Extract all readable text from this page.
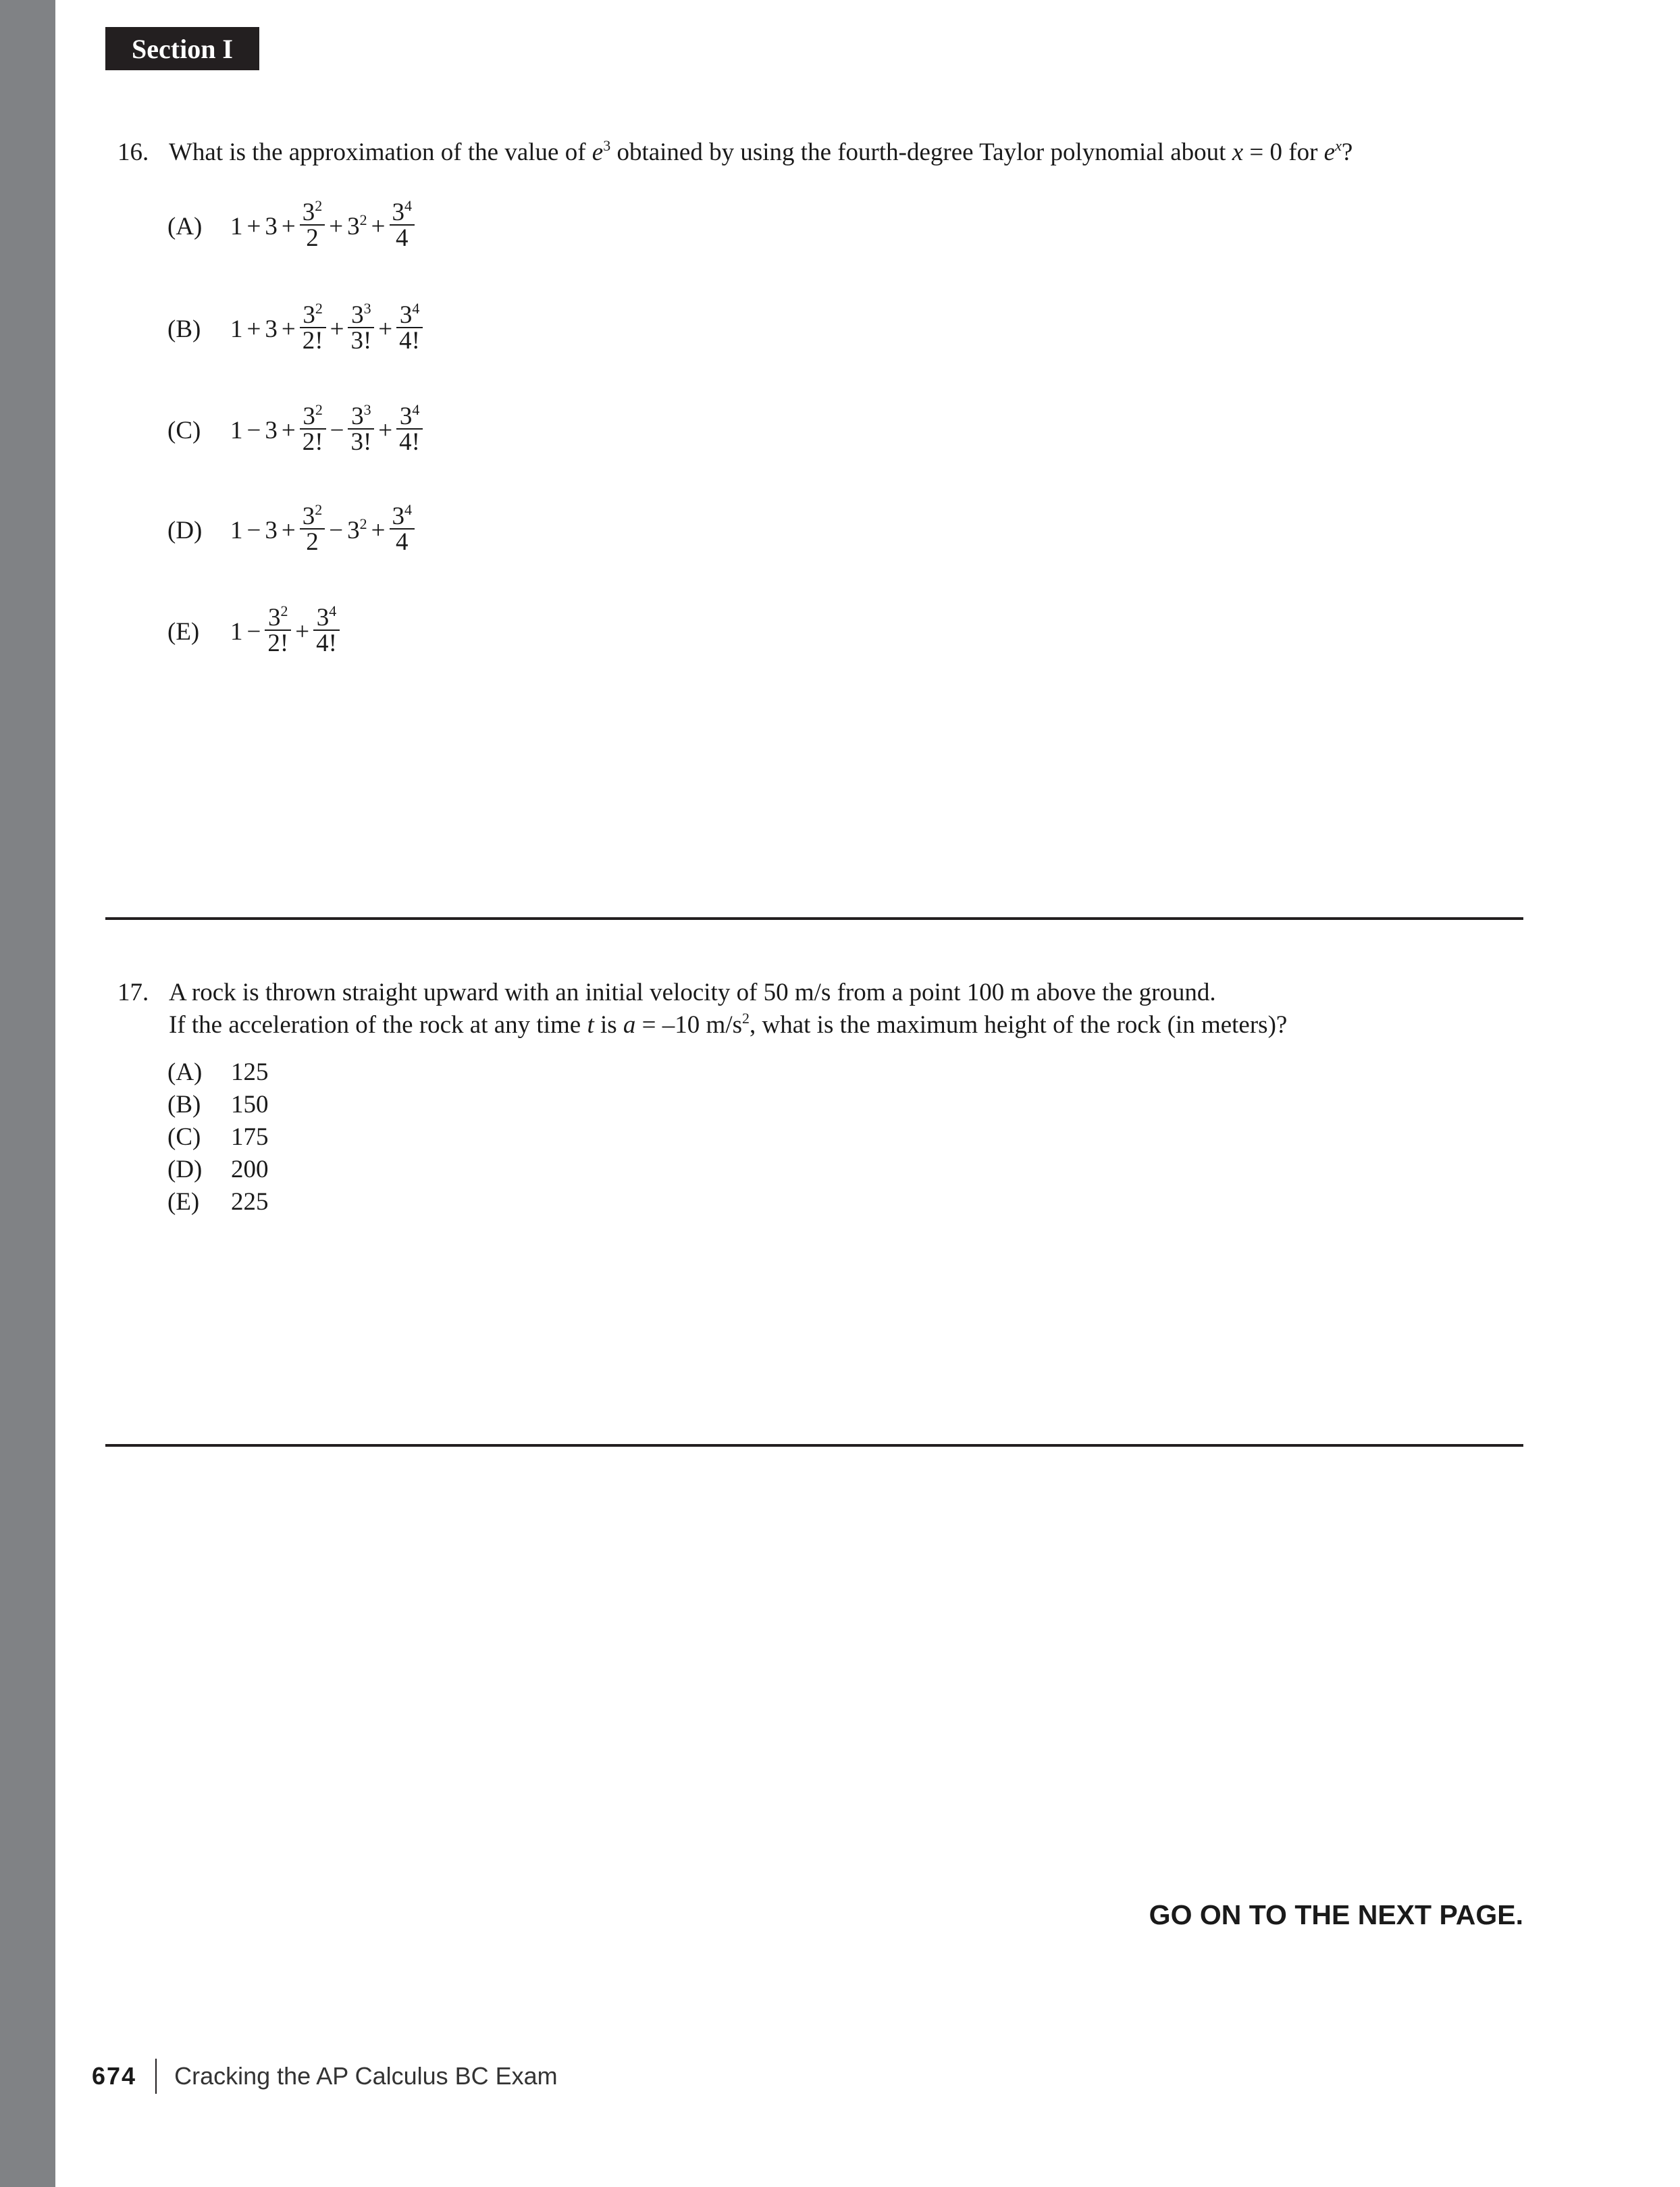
Section I
16. What is the approximation of the value of $e^3$ obtained by using the fourth-degree Taylor polynomial about x = 0 for $e^x$?
(A)	$1 + 3 + \frac{3^2}{2} + 3^2 + \frac{3^4}{4}$
(B)	$1 + 3 + \frac{3^2}{2!} + \frac{3^3}{3!} + \frac{3^4}{4!}$
(C)	$1 - 3 + \frac{3^2}{2!} - \frac{3^3}{3!} + \frac{3^4}{4!}$
(D)	$1 - 3 + \frac{3^2}{2} - 3^2 + \frac{3^4}{4}$
(E)	$1 - \frac{3^2}{2!} + \frac{3^4}{4!}$
17. A rock is thrown straight upward with an initial velocity of 50 m/s from a point 100 m above the ground.
If the acceleration of the rock at any time t is a = –10 $m/s^2$, what is the maximum height of the rock (in meters)?
(A) 125
(B) 150
(C) 175
(D) 200
(E) 225
GO ON TO THE NEXT PAGE.
674 Cracking the AP Calculus BC Exam
